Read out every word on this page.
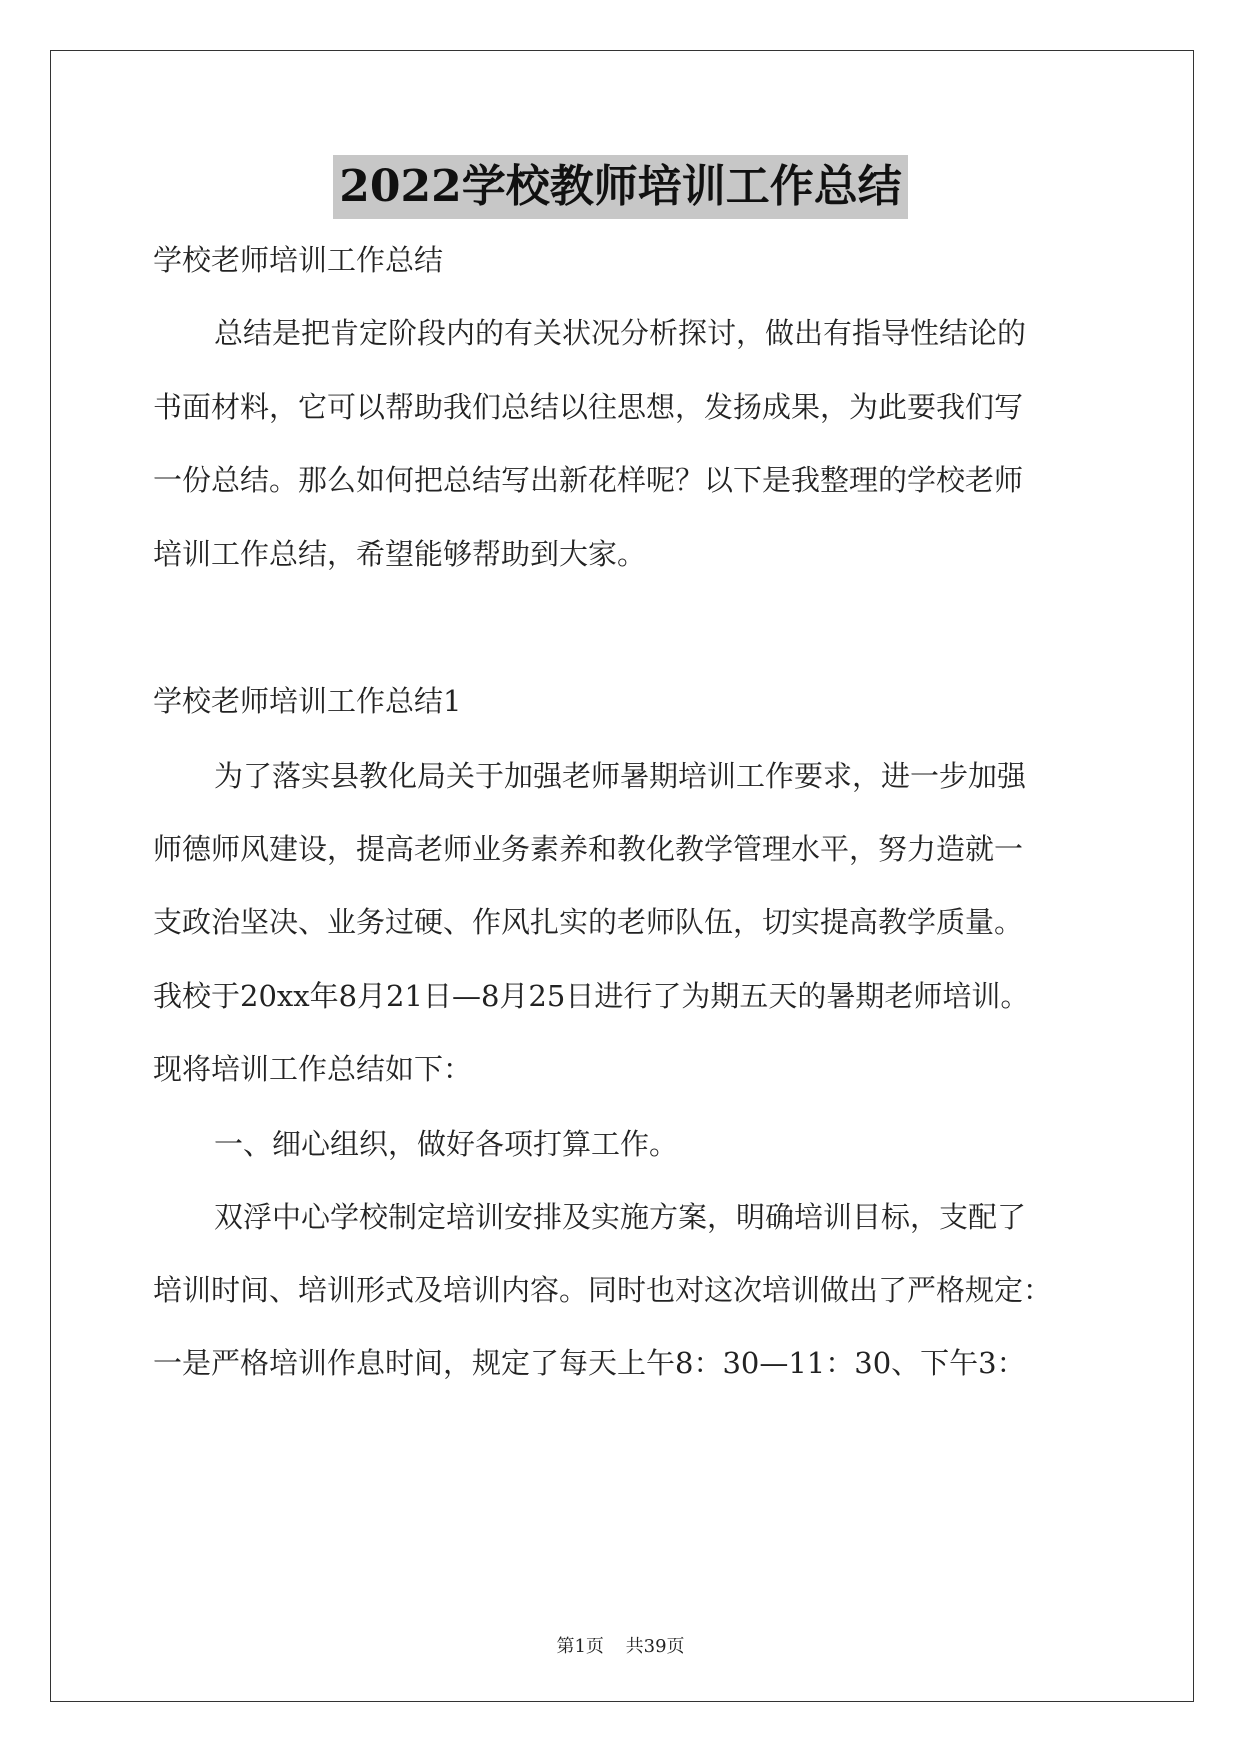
2022学校教师培训工作总结
学校老师培训工作总结
总结是把肯定阶段内的有关状况分析探讨，做出有指导性结论的
书面材料，它可以帮助我们总结以往思想，发扬成果，为此要我们写
一份总结。那么如何把总结写出新花样呢？以下是我整理的学校老师
培训工作总结，希望能够帮助到大家。
学校老师培训工作总结1
为了落实县教化局关于加强老师暑期培训工作要求，进一步加强
师德师风建设，提高老师业务素养和教化教学管理水平，努力造就一
支政治坚决、业务过硬、作风扎实的老师队伍，切实提高教学质量。
我校于20xx年8月21日—8月25日进行了为期五天的暑期老师培训。
现将培训工作总结如下：
一、细心组织，做好各项打算工作。
双浮中心学校制定培训安排及实施方案，明确培训目标，支配了
培训时间、培训形式及培训内容。同时也对这次培训做出了严格规定：
一是严格培训作息时间，规定了每天上午8：30—11：30、下午3：
第1页 共39页
